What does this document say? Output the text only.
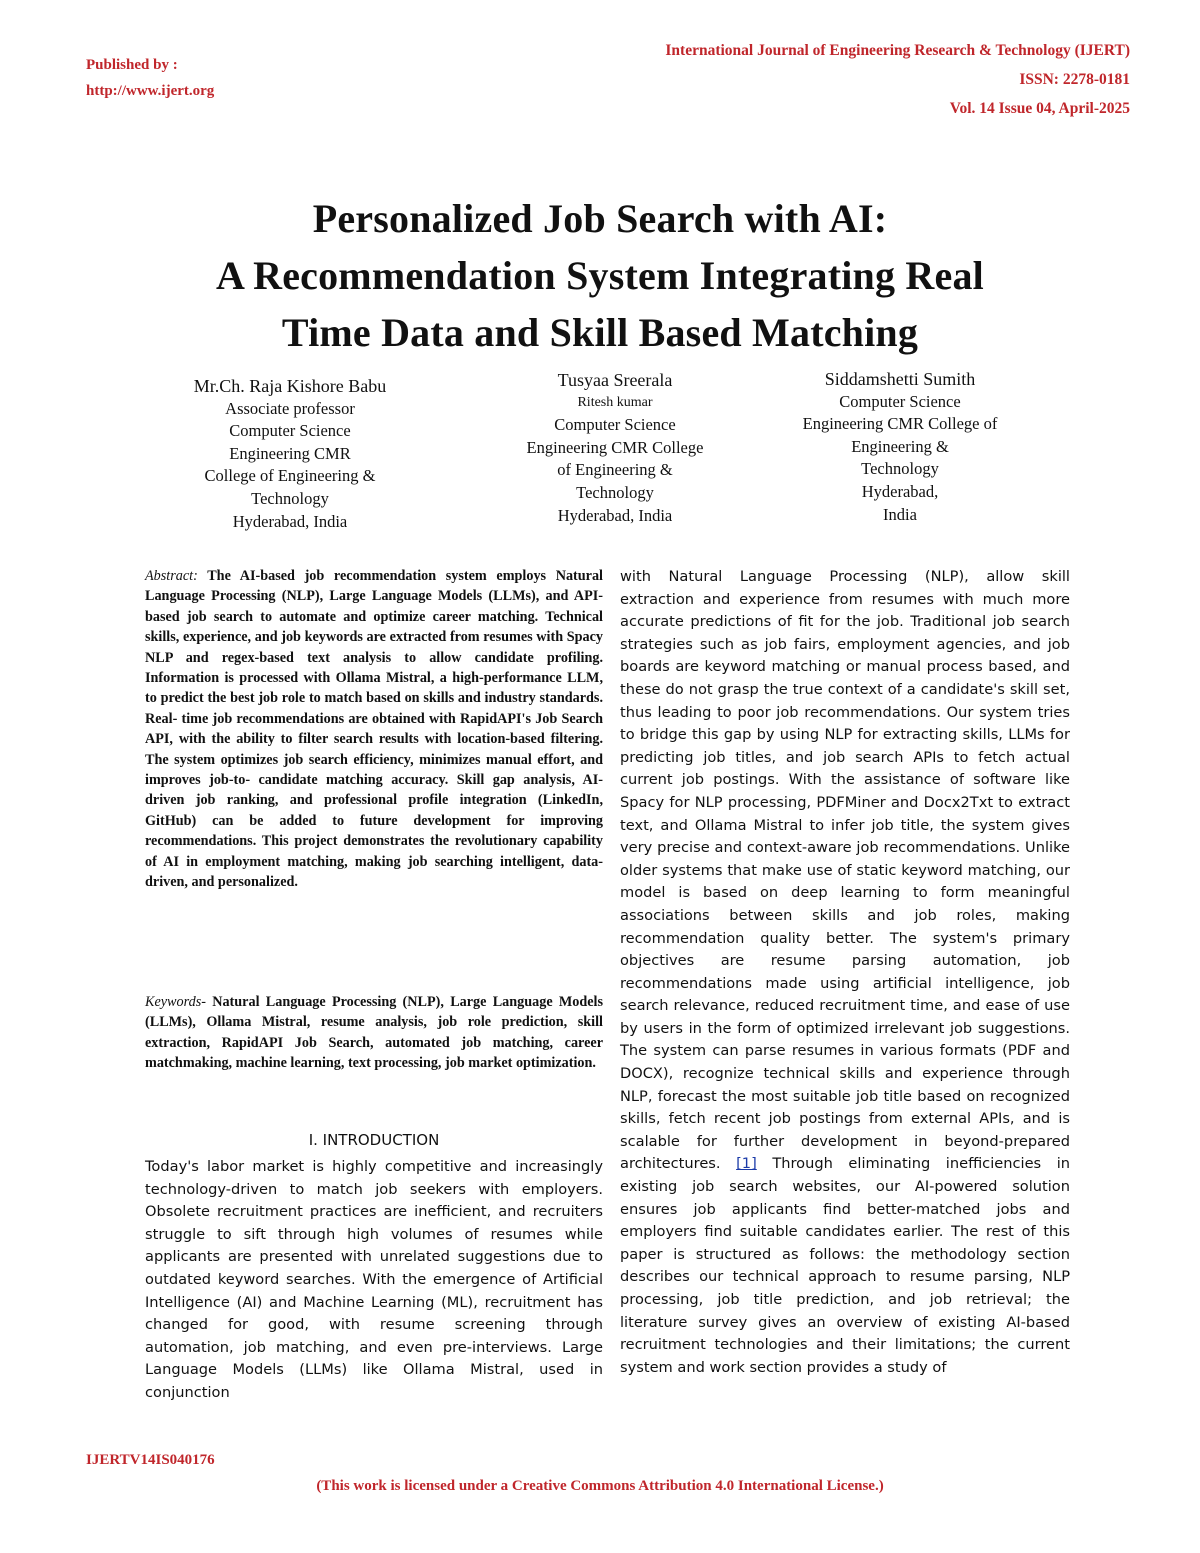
Published by :
http://www.ijert.org
International Journal of Engineering Research & Technology (IJERT)
ISSN: 2278-0181
Vol. 14 Issue 04, April-2025
Personalized Job Search with AI:
A Recommendation System Integrating Real
Time Data and Skill Based Matching
Mr.Ch. Raja Kishore Babu
Associate professor
Computer Science
Engineering CMR
College of Engineering &
Technology
Hyderabad, India
Tusyaa Sreerala
Ritesh kumar
Computer Science
Engineering CMR College
of Engineering &
Technology
Hyderabad, India
Siddamshetti Sumith
Computer Science
Engineering CMR College of
Engineering &
Technology
Hyderabad,
India
Abstract: The AI-based job recommendation system employs Natural Language Processing (NLP), Large Language Models (LLMs), and API-based job search to automate and optimize career matching. Technical skills, experience, and job keywords are extracted from resumes with Spacy NLP and regex-based text analysis to allow candidate profiling. Information is processed with Ollama Mistral, a high-performance LLM, to predict the best job role to match based on skills and industry standards. Real- time job recommendations are obtained with RapidAPI's Job Search API, with the ability to filter search results with location-based filtering. The system optimizes job search efficiency, minimizes manual effort, and improves job-to- candidate matching accuracy. Skill gap analysis, AI-driven job ranking, and professional profile integration (LinkedIn, GitHub) can be added to future development for improving recommendations. This project demonstrates the revolutionary capability of AI in employment matching, making job searching intelligent, data-driven, and personalized.
Keywords- Natural Language Processing (NLP), Large Language Models (LLMs), Ollama Mistral, resume analysis, job role prediction, skill extraction, RapidAPI Job Search, automated job matching, career matchmaking, machine learning, text processing, job market optimization.
I. INTRODUCTION
Today's labor market is highly competitive and increasingly technology-driven to match job seekers with employers. Obsolete recruitment practices are inefficient, and recruiters struggle to sift through high volumes of resumes while applicants are presented with unrelated suggestions due to outdated keyword searches. With the emergence of Artificial Intelligence (AI) and Machine Learning (ML), recruitment has changed for good, with resume screening through automation, job matching, and even pre-interviews. Large Language Models (LLMs) like Ollama Mistral, used in conjunction
with Natural Language Processing (NLP), allow skill extraction and experience from resumes with much more accurate predictions of fit for the job. Traditional job search strategies such as job fairs, employment agencies, and job boards are keyword matching or manual process based, and these do not grasp the true context of a candidate's skill set, thus leading to poor job recommendations. Our system tries to bridge this gap by using NLP for extracting skills, LLMs for predicting job titles, and job search APIs to fetch actual current job postings. With the assistance of software like Spacy for NLP processing, PDFMiner and Docx2Txt to extract text, and Ollama Mistral to infer job title, the system gives very precise and context-aware job recommendations. Unlike older systems that make use of static keyword matching, our model is based on deep learning to form meaningful associations between skills and job roles, making recommendation quality better. The system's primary objectives are resume parsing automation, job recommendations made using artificial intelligence, job search relevance, reduced recruitment time, and ease of use by users in the form of optimized irrelevant job suggestions. The system can parse resumes in various formats (PDF and DOCX), recognize technical skills and experience through NLP, forecast the most suitable job title based on recognized skills, fetch recent job postings from external APIs, and is scalable for further development in beyond-prepared architectures. [1] Through eliminating inefficiencies in existing job search websites, our AI-powered solution ensures job applicants find better-matched jobs and employers find suitable candidates earlier. The rest of this paper is structured as follows: the methodology section describes our technical approach to resume parsing, NLP processing, job title prediction, and job retrieval; the literature survey gives an overview of existing AI-based recruitment technologies and their limitations; the current system and work section provides a study of
IJERTV14IS040176
(This work is licensed under a Creative Commons Attribution 4.0 International License.)
